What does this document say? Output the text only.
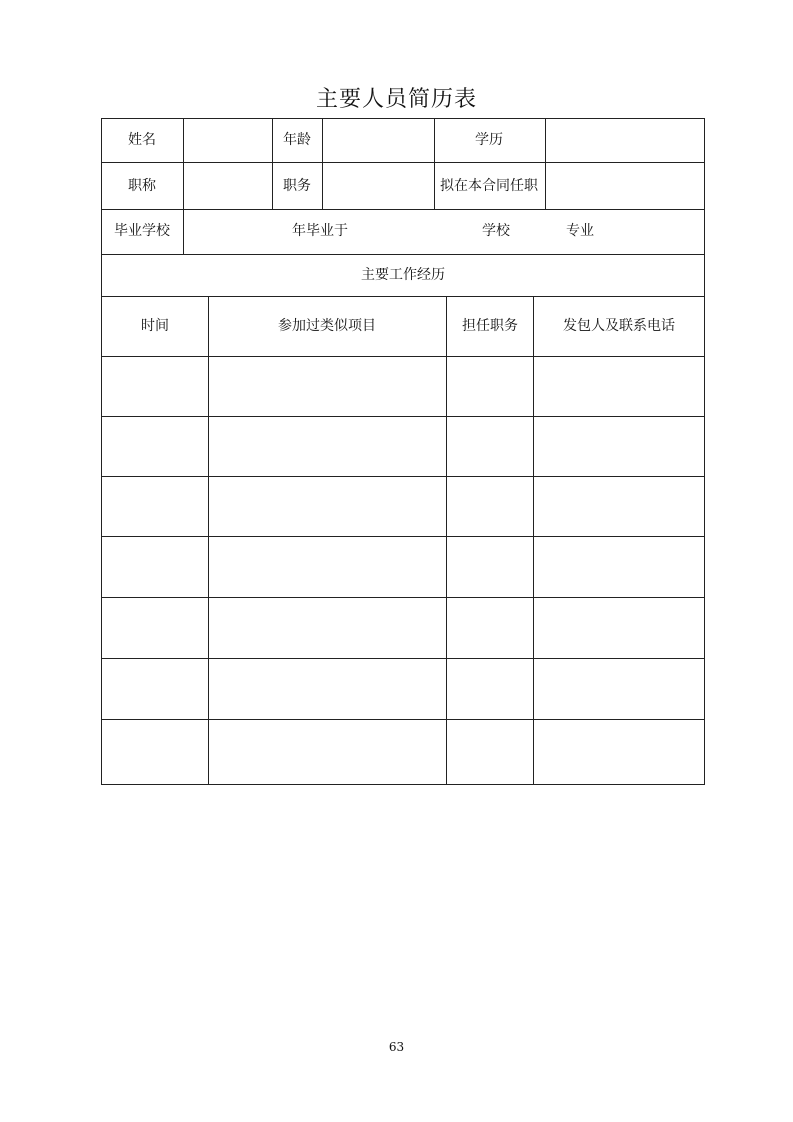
主要人员简历表
姓名	年龄	学历
职称	职务	拟在本合同任职
毕业学校	年毕业于	学校	专业
主要工作经历
时间	参加过类似项目	担任职务	发包人及联系电话
63
